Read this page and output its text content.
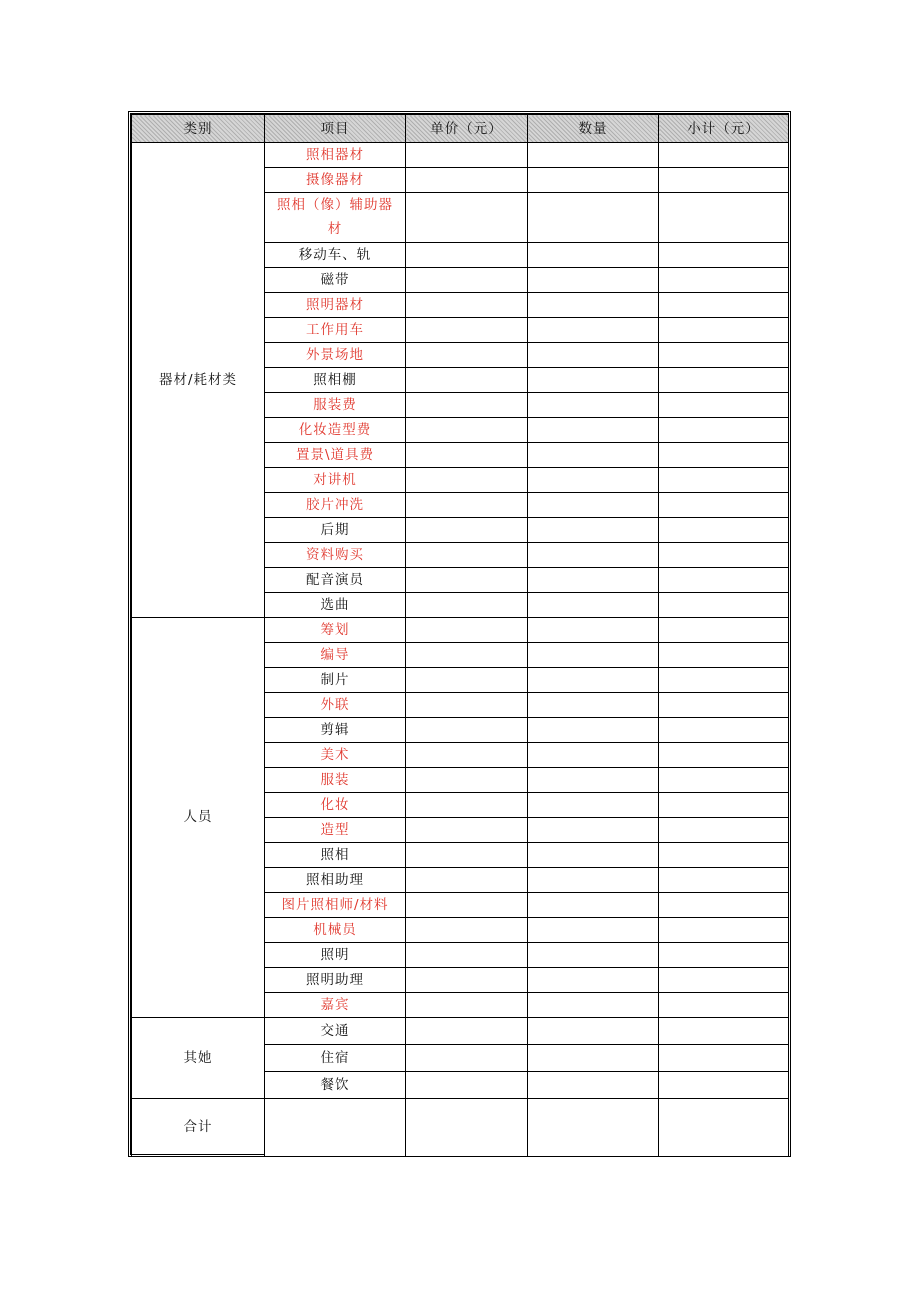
类别	项目	单价（元）	数量	小计（元）
器材/耗材类	照相器材			
	摄像器材			
	照相（像）辅助器材			
	移动车、轨			
	磁带			
	照明器材			
	工作用车			
	外景场地			
	照相棚			
	服装费			
	化妆造型费			
	置景\道具费			
	对讲机			
	胶片冲洗			
	后期			
	资料购买			
	配音演员			
	选曲			
人员	筹划			
	编导			
	制片			
	外联			
	剪辑			
	美术			
	服装			
	化妆			
	造型			
	照相			
	照相助理			
	图片照相师/材料			
	机械员			
	照明			
	照明助理			
	嘉宾			
其她	交通			
	住宿			
	餐饮			
合计				
